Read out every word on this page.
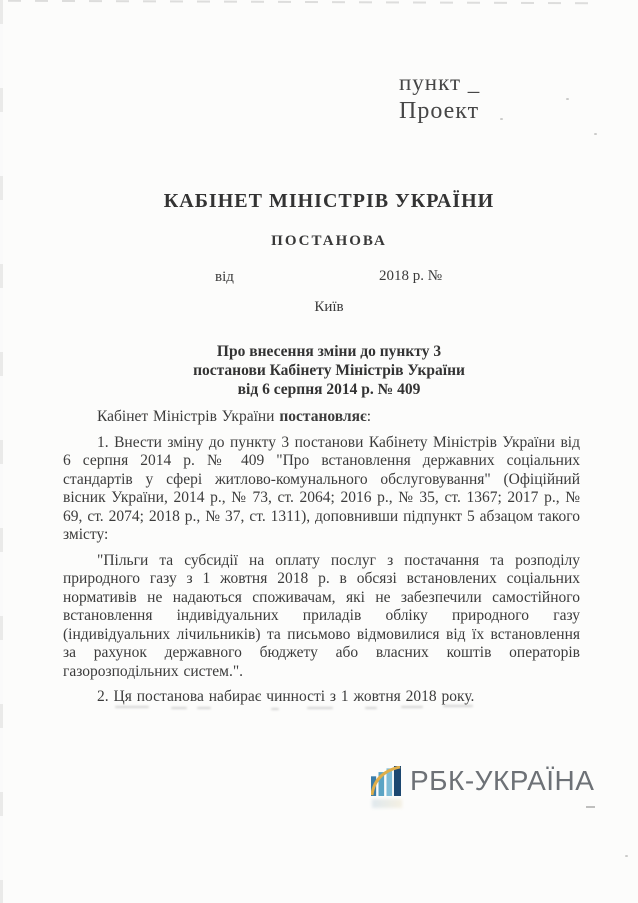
пункт _
Проект
КАБІНЕТ МІНІСТРІВ УКРАЇНИ
ПОСТАНОВА
від	2018 р. №
Київ
Про внесення зміни до пункту 3
постанови Кабінету Міністрів України
від 6 серпня 2014 р. № 409

Кабінет Міністрів України постановляє:

1. Внести зміну до пункту 3 постанови Кабінету Міністрів України від 6 серпня 2014 р. № 409 "Про встановлення державних соціальних стандартів у сфері житлово-комунального обслуговування" (Офіційний вісник України, 2014 р., № 73, ст. 2064; 2016 р., № 35, ст. 1367; 2017 р., № 69, ст. 2074; 2018 р., № 37, ст. 1311), доповнивши підпункт 5 абзацом такого змісту:

"Пільги та субсидії на оплату послуг з постачання та розподілу природного газу з 1 жовтня 2018 р. в обсязі встановлених соціальних нормативів не надаються споживачам, які не забезпечили самостійного встановлення індивідуальних приладів обліку природного газу (індивідуальних лічильників) та письмово відмовилися від їх встановлення за рахунок державного бюджету або власних коштів операторів газорозподільних систем.".

2. Ця постанова набирає чинності з 1 жовтня 2018 року.

РБК-УКРАЇНА
